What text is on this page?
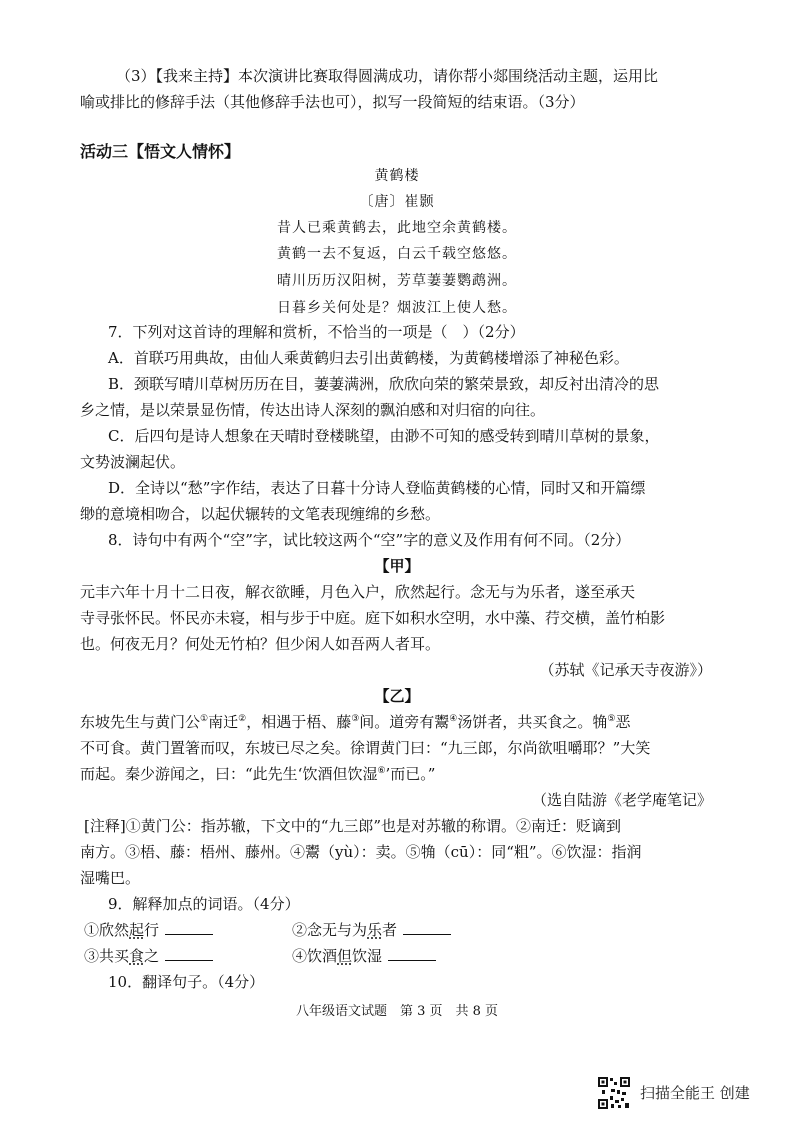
（3）【我来主持】本次演讲比赛取得圆满成功，请你帮小郯围绕活动主题，运用比
喻或排比的修辞手法（其他修辞手法也可），拟写一段简短的结束语。（3分）
活动三【悟文人情怀】
黄鹤楼
〔唐〕崔颢
昔人已乘黄鹤去，此地空余黄鹤楼。
黄鹤一去不复返，白云千载空悠悠。
晴川历历汉阳树，芳草萋萋鹦鹉洲。
日暮乡关何处是？烟波江上使人愁。
7．下列对这首诗的理解和赏析，不恰当的一项是（　）（2分）
A．首联巧用典故，由仙人乘黄鹤归去引出黄鹤楼，为黄鹤楼增添了神秘色彩。
B．颈联写晴川草树历历在目，萋萋满洲，欣欣向荣的繁荣景致，却反衬出清冷的思
乡之情，是以荣景显伤情，传达出诗人深刻的飘泊感和对归宿的向往。
C．后四句是诗人想象在天晴时登楼眺望，由渺不可知的感受转到晴川草树的景象，
文势波澜起伏。
D．全诗以“愁”字作结，表达了日暮十分诗人登临黄鹤楼的心情，同时又和开篇缥
缈的意境相吻合，以起伏辗转的文笔表现缠绵的乡愁。
8．诗句中有两个“空”字，试比较这两个“空”字的意义及作用有何不同。（2分）
【甲】
元丰六年十月十二日夜，解衣欲睡，月色入户，欣然起行。念无与为乐者，遂至承天
寺寻张怀民。怀民亦未寝，相与步于中庭。庭下如积水空明，水中藻、荇交横，盖竹柏影
也。何夜无月？何处无竹柏？但少闲人如吾两人者耳。
（苏轼《记承天寺夜游》）
【乙】
东坡先生与黄门公①南迁②，相遇于梧、藤③间。道旁有鬻④汤饼者，共买食之。觕⑤恶
不可食。黄门置箸而叹，东坡已尽之矣。徐谓黄门曰：“九三郎，尔尚欲咀嚼耶？”大笑
而起。秦少游闻之，曰：“此先生‘饮酒但饮湿⑥’而已。”
（选自陆游《老学庵笔记》
[注释]①黄门公：指苏辙，下文中的“九三郎”也是对苏辙的称谓。②南迁：贬谪到
南方。③梧、藤：梧州、藤州。④鬻（yù）：卖。⑤觕（cū）：同“粗”。⑥饮湿：指润
湿嘴巴。
9．解释加点的词语。（4分）
①欣然起行	②念无与为乐者
③共买食之	④饮酒但饮湿
10．翻译句子。（4分）
八年级语文试题　第 3 页　共 8 页
扫描全能王 创建
